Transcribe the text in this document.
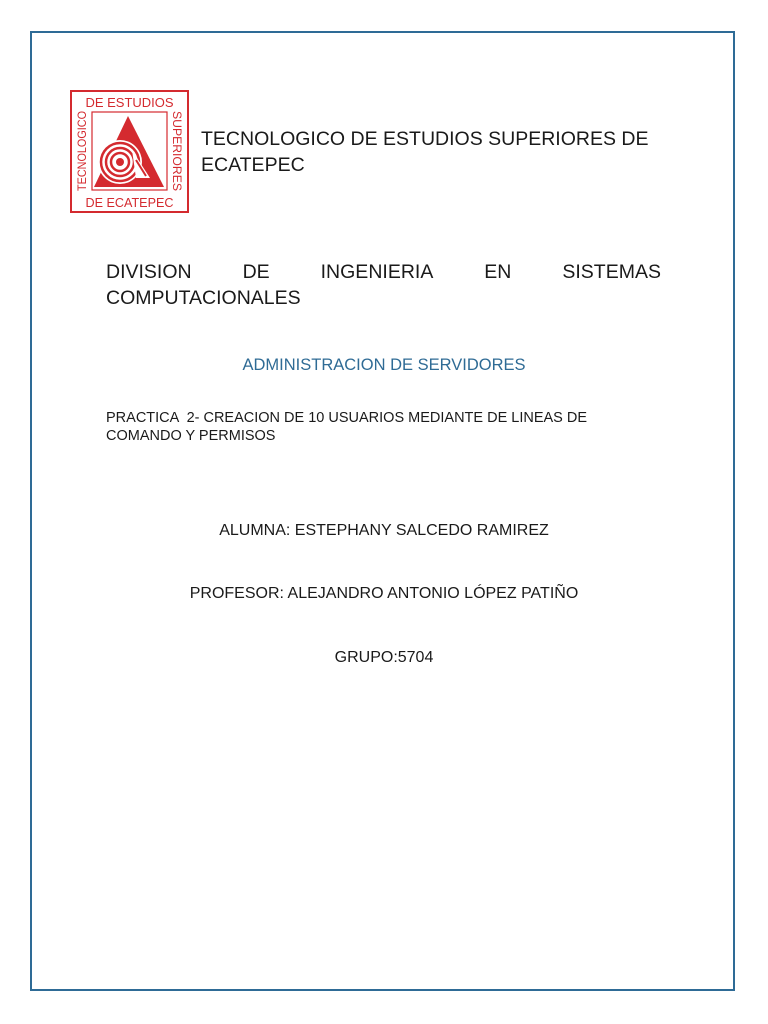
DE ESTUDIOS
DE ECATEPEC
TECNOLOGICO	SUPERIORES TECNOLOGICO DE ESTUDIOS SUPERIORES DE
ECATEPEC
DIVISION	DE	INGENIERIA	EN	SISTEMAS
COMPUTACIONALES
ADMINISTRACION DE SERVIDORES
PRACTICA  2- CREACION DE 10 USUARIOS MEDIANTE DE LINEAS DE
COMANDO Y PERMISOS
ALUMNA: ESTEPHANY SALCEDO RAMIREZ
PROFESOR: ALEJANDRO ANTONIO LÓPEZ PATIÑO
GRUPO:5704
